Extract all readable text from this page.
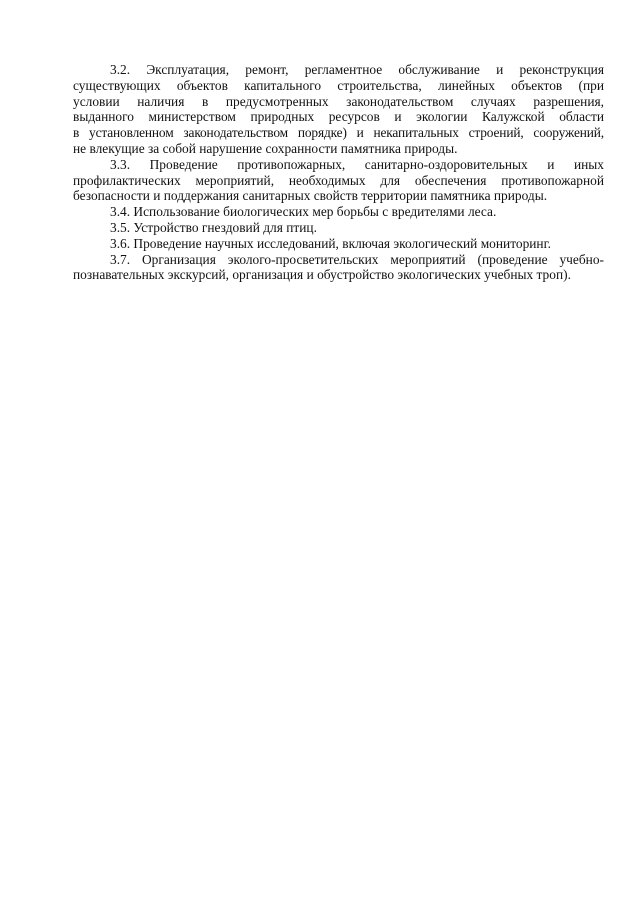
3.2. Эксплуатация, ремонт, регламентное обслуживание и реконструкция
существующих объектов капитального строительства, линейных объектов (при
условии наличия в предусмотренных законодательством случаях разрешения,
выданного министерством природных ресурсов и экологии Калужской области
в установленном законодательством порядке) и некапитальных строений, сооружений,
не влекущие за собой нарушение сохранности памятника природы.

3.3. Проведение противопожарных, санитарно-оздоровительных и иных
профилактических мероприятий, необходимых для обеспечения противопожарной
безопасности и поддержания санитарных свойств территории памятника природы.

3.4. Использование биологических мер борьбы с вредителями леса.

3.5. Устройство гнездовий для птиц.

3.6. Проведение научных исследований, включая экологический мониторинг.

3.7. Организация эколого-просветительских мероприятий (проведение учебно-
познавательных экскурсий, организация и обустройство экологических учебных троп).
